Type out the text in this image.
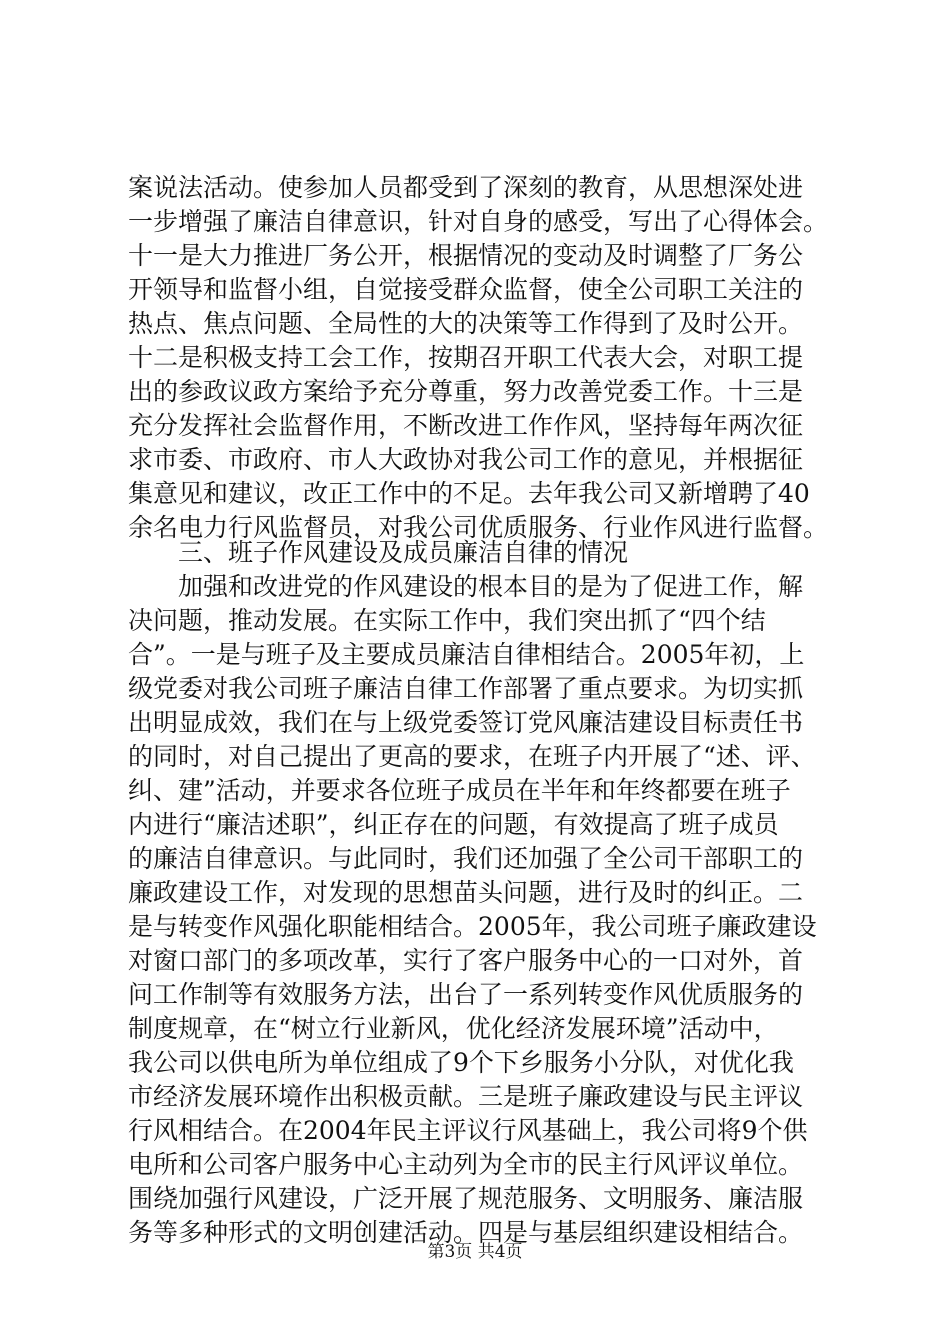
案说法活动。使参加人员都受到了深刻的教育，从思想深处进
一步增强了廉洁自律意识，针对自身的感受，写出了心得体会。
十一是大力推进厂务公开，根据情况的变动及时调整了厂务公
开领导和监督小组，自觉接受群众监督，使全公司职工关注的
热点、焦点问题、全局性的大的决策等工作得到了及时公开。
十二是积极支持工会工作，按期召开职工代表大会，对职工提
出的参政议政方案给予充分尊重，努力改善党委工作。十三是
充分发挥社会监督作用，不断改进工作作风，坚持每年两次征
求市委、市政府、市人大政协对我公司工作的意见，并根据征
集意见和建议，改正工作中的不足。去年我公司又新增聘了40
余名电力行风监督员，对我公司优质服务、行业作风进行监督。
　　三、班子作风建设及成员廉洁自律的情况
　　加强和改进党的作风建设的根本目的是为了促进工作，解
决问题，推动发展。在实际工作中，我们突出抓了“四个结
合”。一是与班子及主要成员廉洁自律相结合。2005年初，上
级党委对我公司班子廉洁自律工作部署了重点要求。为切实抓
出明显成效，我们在与上级党委签订党风廉洁建设目标责任书
的同时，对自己提出了更高的要求，在班子内开展了“述、评、
纠、建”活动，并要求各位班子成员在半年和年终都要在班子
内进行“廉洁述职”，纠正存在的问题，有效提高了班子成员
的廉洁自律意识。与此同时，我们还加强了全公司干部职工的
廉政建设工作，对发现的思想苗头问题，进行及时的纠正。二
是与转变作风强化职能相结合。2005年，我公司班子廉政建设
对窗口部门的多项改革，实行了客户服务中心的一口对外，首
问工作制等有效服务方法，出台了一系列转变作风优质服务的
制度规章，在“树立行业新风，优化经济发展环境”活动中，
我公司以供电所为单位组成了9个下乡服务小分队，对优化我
市经济发展环境作出积极贡献。三是班子廉政建设与民主评议
行风相结合。在2004年民主评议行风基础上，我公司将9个供
电所和公司客户服务中心主动列为全市的民主行风评议单位。
围绕加强行风建设，广泛开展了规范服务、文明服务、廉洁服
务等多种形式的文明创建活动。四是与基层组织建设相结合。
第3页 共4页
